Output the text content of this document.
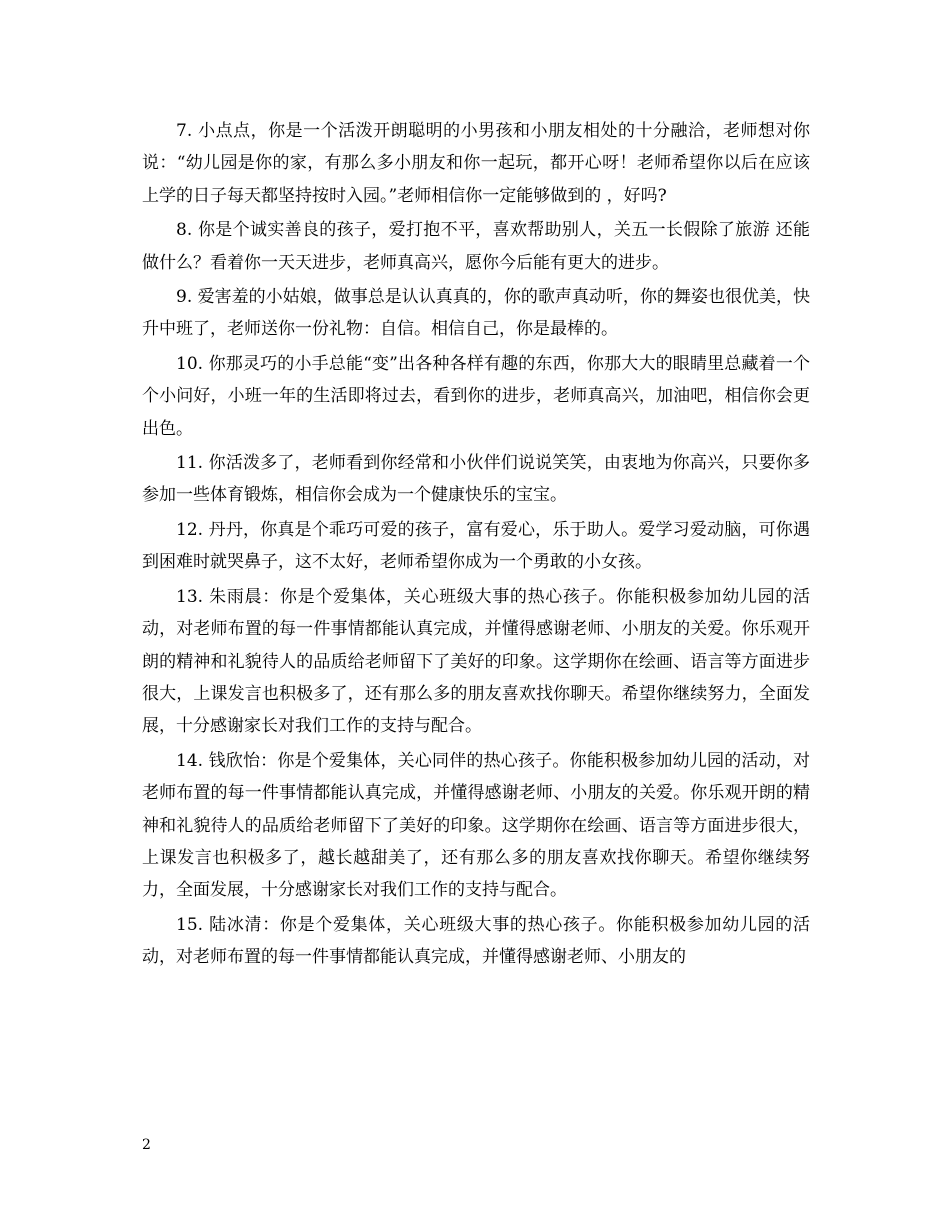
7. 小点点，你是一个活泼开朗聪明的小男孩和小朋友相处的十分融洽，老师想对你说：“幼儿园是你的家，有那么多小朋友和你一起玩，都开心呀！老师希望你以后在应该上学的日子每天都坚持按时入园。”老师相信你一定能够做到的 ，好吗?

8. 你是个诚实善良的孩子，爱打抱不平，喜欢帮助别人，关五一长假除了旅游 还能做什么？看着你一天天进步，老师真高兴，愿你今后能有更大的进步。

9. 爱害羞的小姑娘，做事总是认认真真的，你的歌声真动听，你的舞姿也很优美，快升中班了，老师送你一份礼物：自信。相信自己，你是最棒的。

10. 你那灵巧的小手总能“变”出各种各样有趣的东西，你那大大的眼睛里总藏着一个个小问好，小班一年的生活即将过去，看到你的进步，老师真高兴，加油吧，相信你会更出色。

11. 你活泼多了，老师看到你经常和小伙伴们说说笑笑，由衷地为你高兴，只要你多参加一些体育锻炼，相信你会成为一个健康快乐的宝宝。

12. 丹丹，你真是个乖巧可爱的孩子，富有爱心，乐于助人。爱学习爱动脑，可你遇到困难时就哭鼻子，这不太好，老师希望你成为一个勇敢的小女孩。

13. 朱雨晨：你是个爱集体，关心班级大事的热心孩子。你能积极参加幼儿园的活动，对老师布置的每一件事情都能认真完成，并懂得感谢老师、小朋友的关爱。你乐观开朗的精神和礼貌待人的品质给老师留下了美好的印象。这学期你在绘画、语言等方面进步很大，上课发言也积极多了，还有那么多的朋友喜欢找你聊天。希望你继续努力，全面发展，十分感谢家长对我们工作的支持与配合。

14. 钱欣怡：你是个爱集体，关心同伴的热心孩子。你能积极参加幼儿园的活动，对老师布置的每一件事情都能认真完成，并懂得感谢老师、小朋友的关爱。你乐观开朗的精神和礼貌待人的品质给老师留下了美好的印象。这学期你在绘画、语言等方面进步很大，上课发言也积极多了，越长越甜美了，还有那么多的朋友喜欢找你聊天。希望你继续努力，全面发展，十分感谢家长对我们工作的支持与配合。

15. 陆冰清：你是个爱集体，关心班级大事的热心孩子。你能积极参加幼儿园的活动，对老师布置的每一件事情都能认真完成，并懂得感谢老师、小朋友的

2
